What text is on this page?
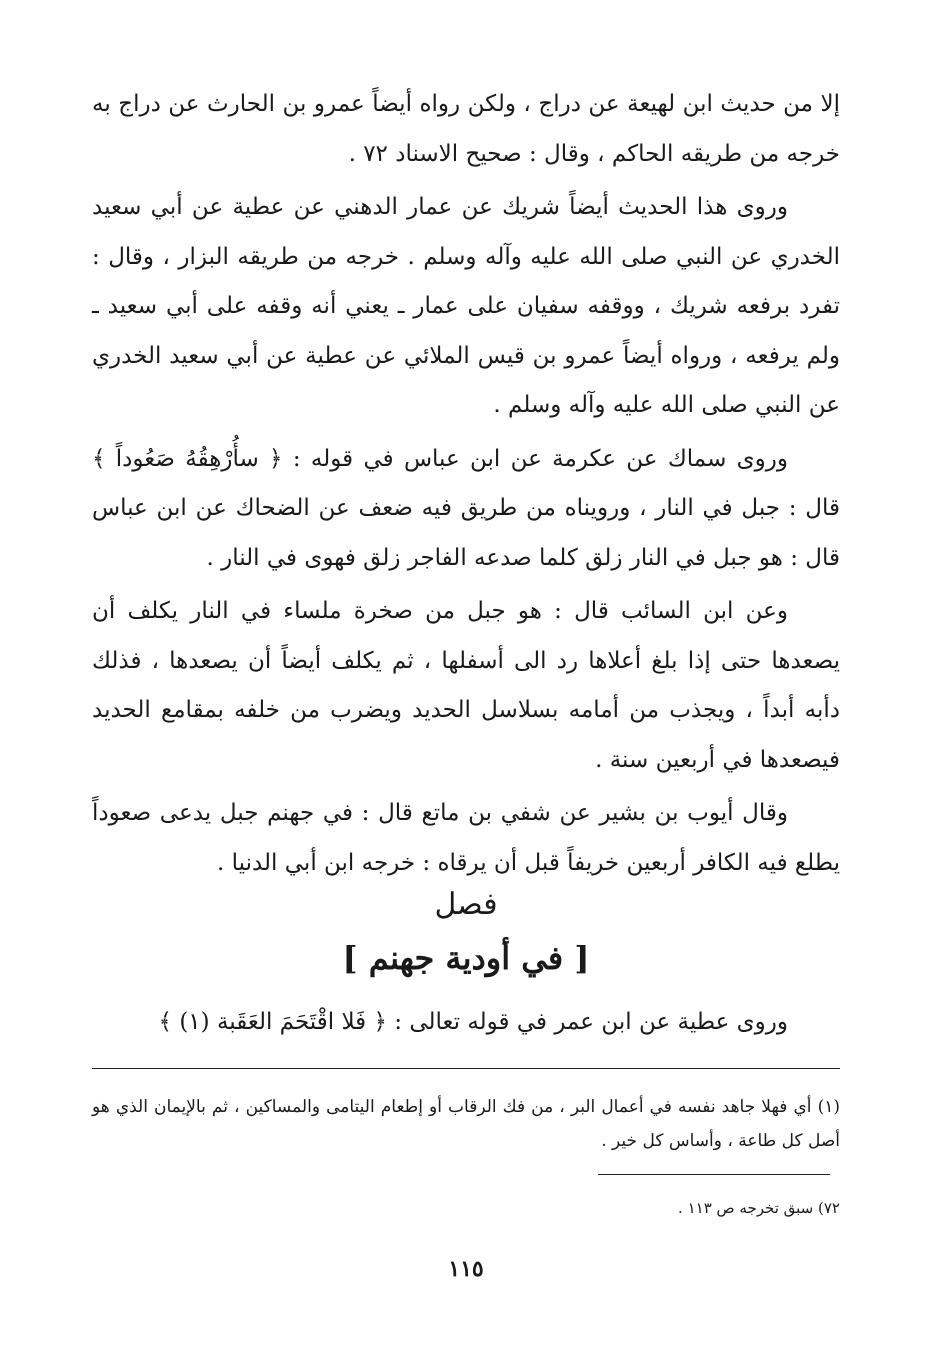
إلا من حديث ابن لهيعة عن دراج ، ولكن رواه أيضاً عمرو بن الحارث عن دراج به خرجه من طريقه الحاكم ، وقال : صحيح الاسناد ٧٢ .

وروى هذا الحديث أيضاً شريك عن عمار الدهني عن عطية عن أبي سعيد الخدري عن النبي صلى الله عليه وآله وسلم . خرجه من طريقه البزار ، وقال : تفرد برفعه شريك ، ووقفه سفيان على عمار ـ يعني أنه وقفه على أبي سعيد ـ ولم يرفعه ، ورواه أيضاً عمرو بن قيس الملائي عن عطية عن أبي سعيد الخدري عن النبي صلى الله عليه وآله وسلم .

وروى سماك عن عكرمة عن ابن عباس في قوله : ﴿ سأُرْهِقُهُ صَعُوداً ﴾ قال : جبل في النار ، ورويناه من طريق فيه ضعف عن الضحاك عن ابن عباس قال : هو جبل في النار زلق كلما صدعه الفاجر زلق فهوى في النار .

وعن ابن السائب قال : هو جبل من صخرة ملساء في النار يكلف أن يصعدها حتى إذا بلغ أعلاها رد الى أسفلها ، ثم يكلف أيضاً أن يصعدها ، فذلك دأبه أبداً ، ويجذب من أمامه بسلاسل الحديد ويضرب من خلفه بمقامع الحديد فيصعدها في أربعين سنة .

وقال أيوب بن بشير عن شفي بن ماتع قال : في جهنم جبل يدعى صعوداً يطلع فيه الكافر أربعين خريفاً قبل أن يرقاه : خرجه ابن أبي الدنيا .

فصل

[ في أودية جهنم ]

وروى عطية عن ابن عمر في قوله تعالى : ﴿ فَلا اقْتَحَمَ العَقَبة (١) ﴾

(١) أي فهلا جاهد نفسه في أعمال البر ، من فك الرقاب أو إطعام اليتامى والمساكين ، ثم بالإيمان الذي هو أصل كل طاعة ، وأساس كل خير .

٧٢) سبق تخرجه ص ١١٣ .

١١٥
